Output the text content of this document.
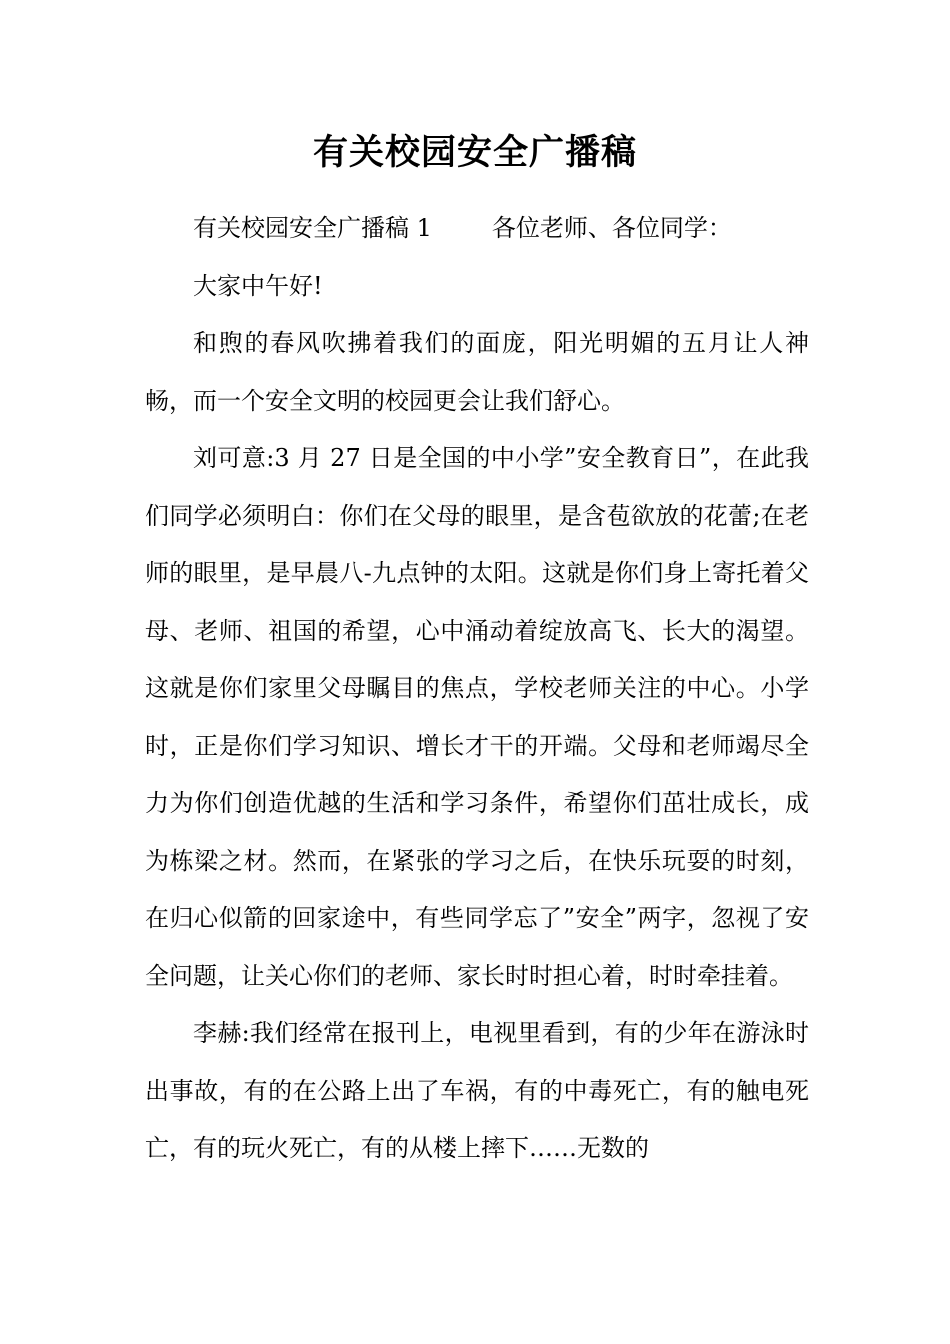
有关校园安全广播稿

有关校园安全广播稿 1	各位老师、各位同学：

大家中午好!

和煦的春风吹拂着我们的面庞，阳光明媚的五月让人神畅，而一个安全文明的校园更会让我们舒心。

刘可意:3 月 27 日是全国的中小学”安全教育日”，在此我们同学必须明白：你们在父母的眼里，是含苞欲放的花蕾;在老师的眼里，是早晨八-九点钟的太阳。这就是你们身上寄托着父母、老师、祖国的希望，心中涌动着绽放高飞、长大的渴望。这就是你们家里父母瞩目的焦点，学校老师关注的中心。小学时，正是你们学习知识、增长才干的开端。父母和老师竭尽全力为你们创造优越的生活和学习条件，希望你们茁壮成长，成为栋梁之材。然而，在紧张的学习之后，在快乐玩耍的时刻，在归心似箭的回家途中，有些同学忘了”安全”两字，忽视了安全问题，让关心你们的老师、家长时时担心着，时时牵挂着。

李赫:我们经常在报刊上，电视里看到，有的少年在游泳时出事故，有的在公路上出了车祸，有的中毒死亡，有的触电死亡，有的玩火死亡，有的从楼上摔下……无数的
